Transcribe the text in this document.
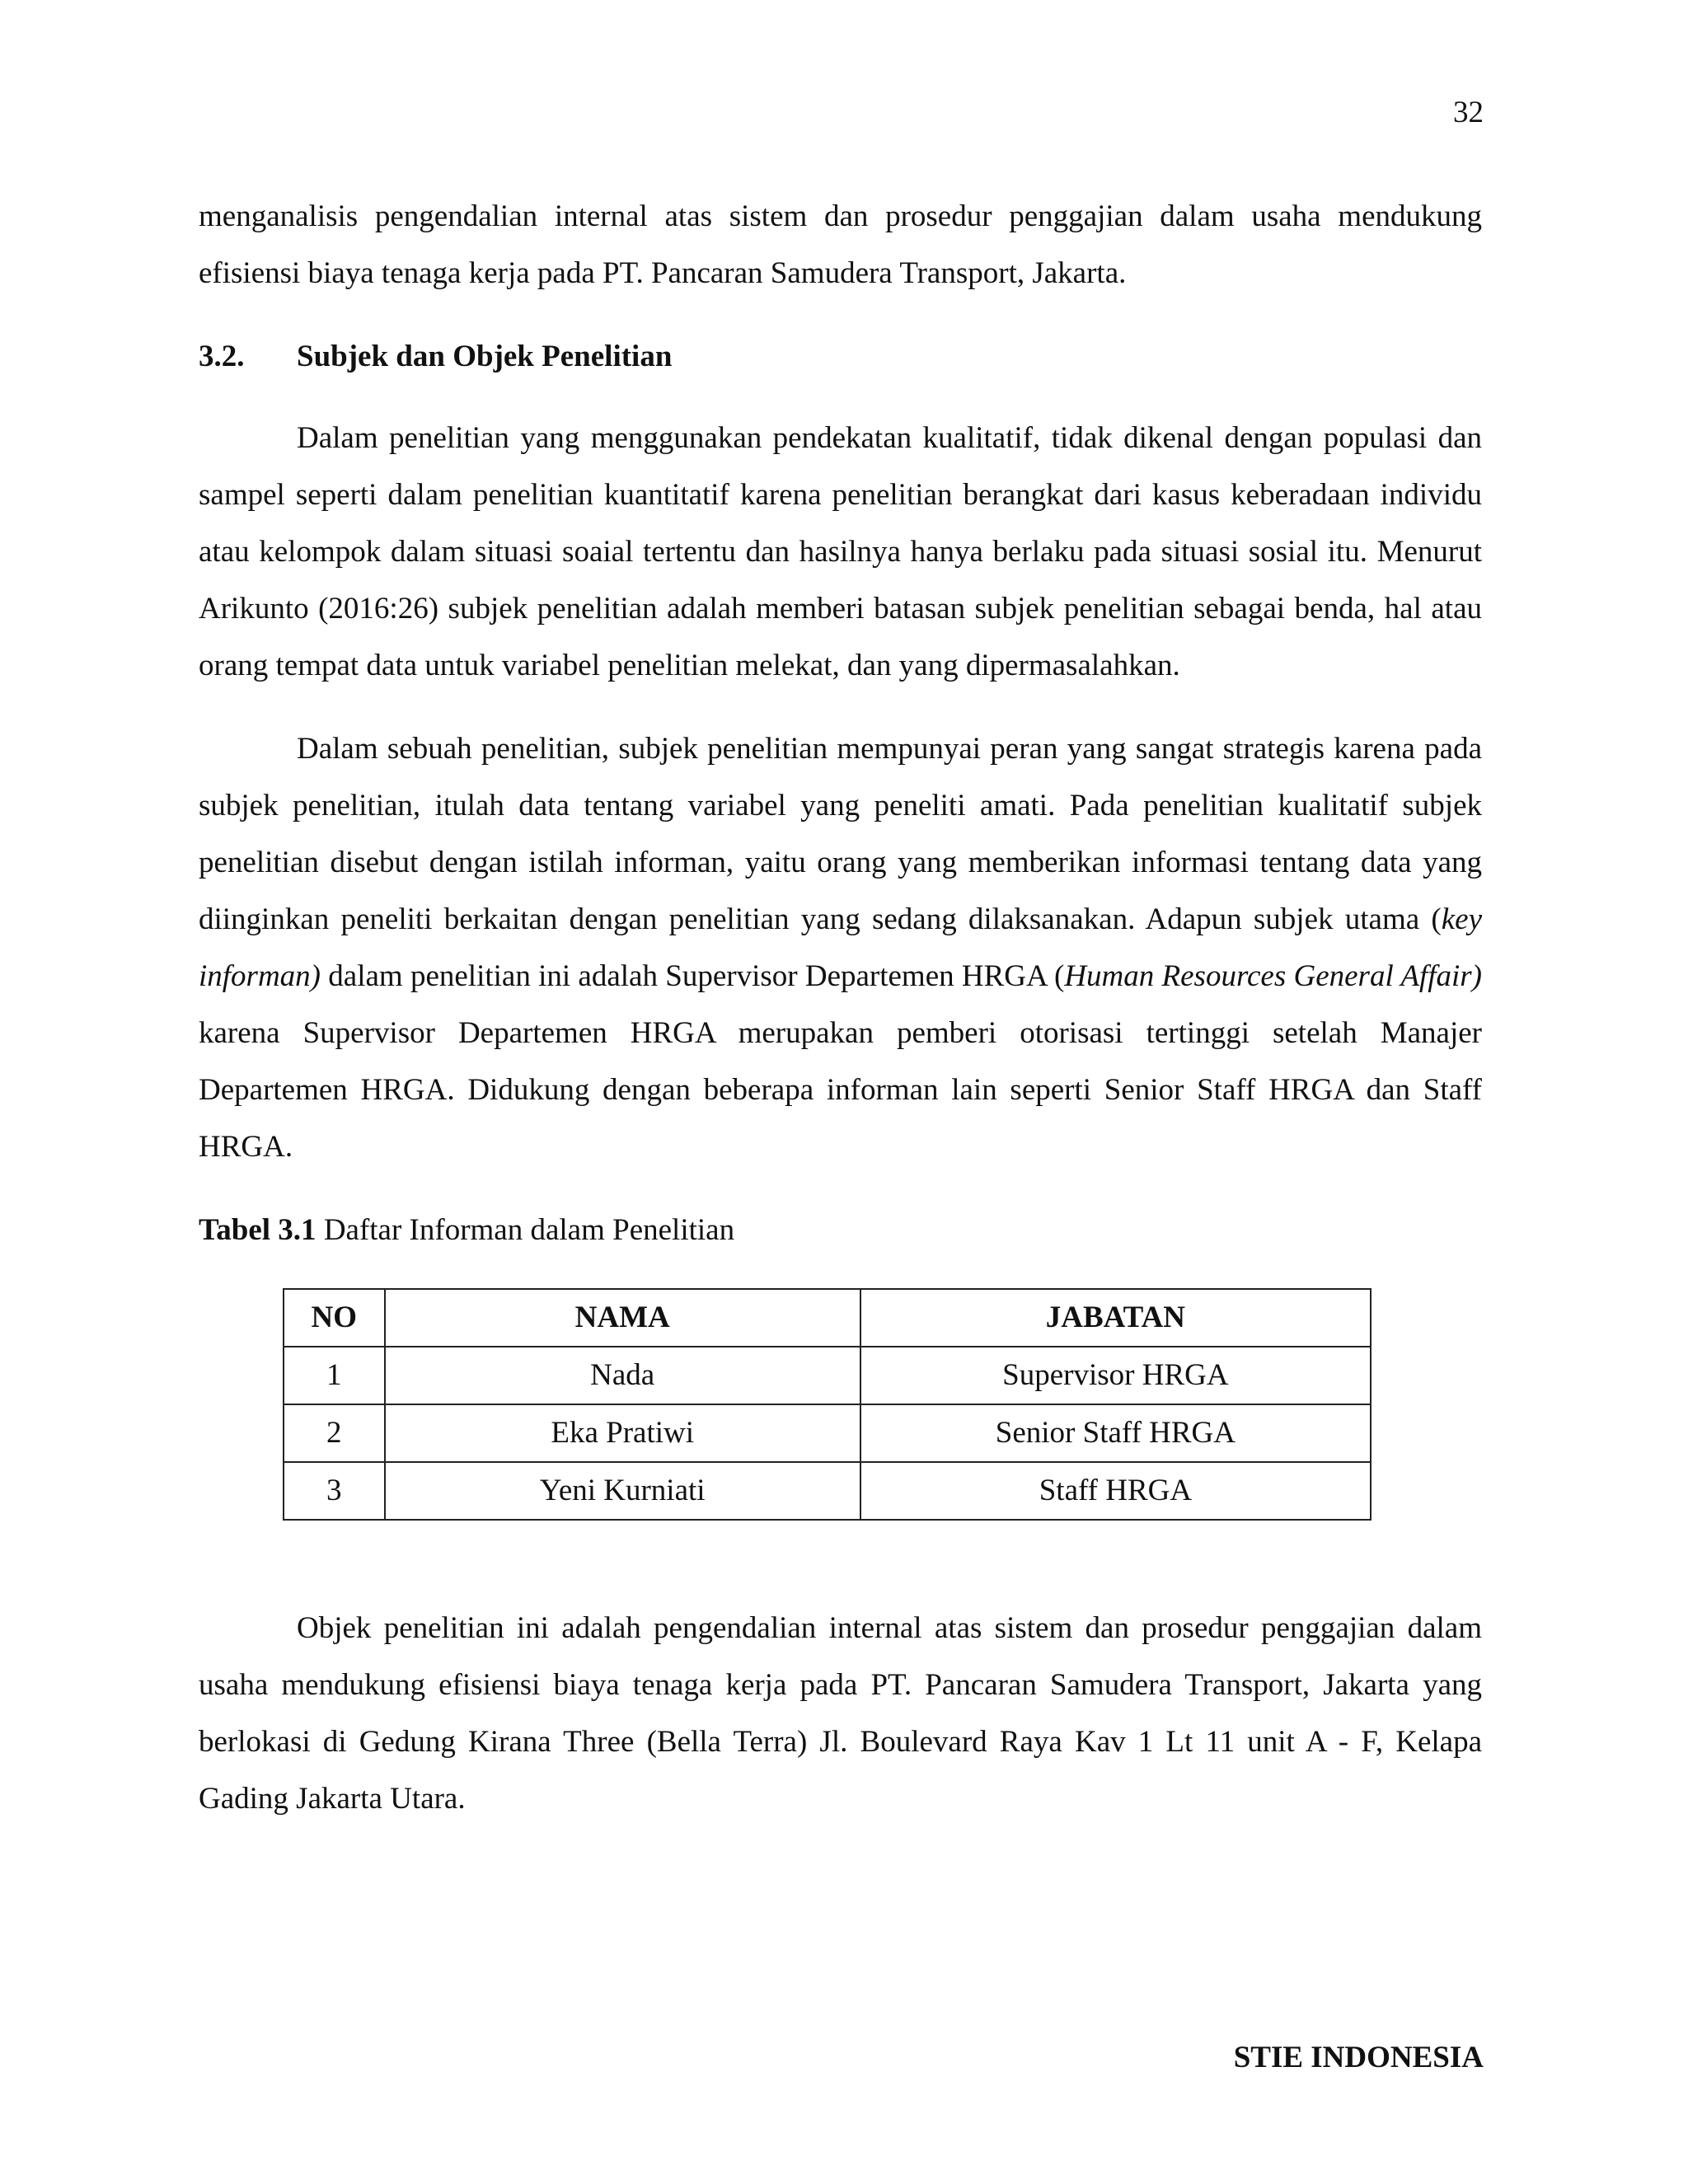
32

menganalisis pengendalian internal atas sistem dan prosedur penggajian dalam usaha mendukung efisiensi biaya tenaga kerja pada PT. Pancaran Samudera Transport, Jakarta.

3.2.	Subjek dan Objek Penelitian

Dalam penelitian yang menggunakan pendekatan kualitatif, tidak dikenal dengan populasi dan sampel seperti dalam penelitian kuantitatif karena penelitian berangkat dari kasus keberadaan individu atau kelompok dalam situasi soaial tertentu dan hasilnya hanya berlaku pada situasi sosial itu. Menurut Arikunto (2016:26) subjek penelitian adalah memberi batasan subjek penelitian sebagai benda, hal atau orang tempat data untuk variabel penelitian melekat, dan yang dipermasalahkan.

Dalam sebuah penelitian, subjek penelitian mempunyai peran yang sangat strategis karena pada subjek penelitian, itulah data tentang variabel yang peneliti amati. Pada penelitian kualitatif subjek penelitian disebut dengan istilah informan, yaitu orang yang memberikan informasi tentang data yang diinginkan peneliti berkaitan dengan penelitian yang sedang dilaksanakan. Adapun subjek utama (key informan) dalam penelitian ini adalah Supervisor Departemen HRGA (Human Resources General Affair) karena Supervisor Departemen HRGA merupakan pemberi otorisasi tertinggi setelah Manajer Departemen HRGA. Didukung dengan beberapa informan lain seperti Senior Staff HRGA dan Staff HRGA.

Tabel 3.1 Daftar Informan dalam Penelitian
NO	NAMA	JABATAN
1	Nada	Supervisor HRGA
2	Eka Pratiwi	Senior Staff HRGA
3	Yeni Kurniati	Staff HRGA

Objek penelitian ini adalah pengendalian internal atas sistem dan prosedur penggajian dalam usaha mendukung efisiensi biaya tenaga kerja pada PT. Pancaran Samudera Transport, Jakarta yang berlokasi di Gedung Kirana Three (Bella Terra) Jl. Boulevard Raya Kav 1 Lt 11 unit A - F, Kelapa Gading Jakarta Utara.

STIE INDONESIA
